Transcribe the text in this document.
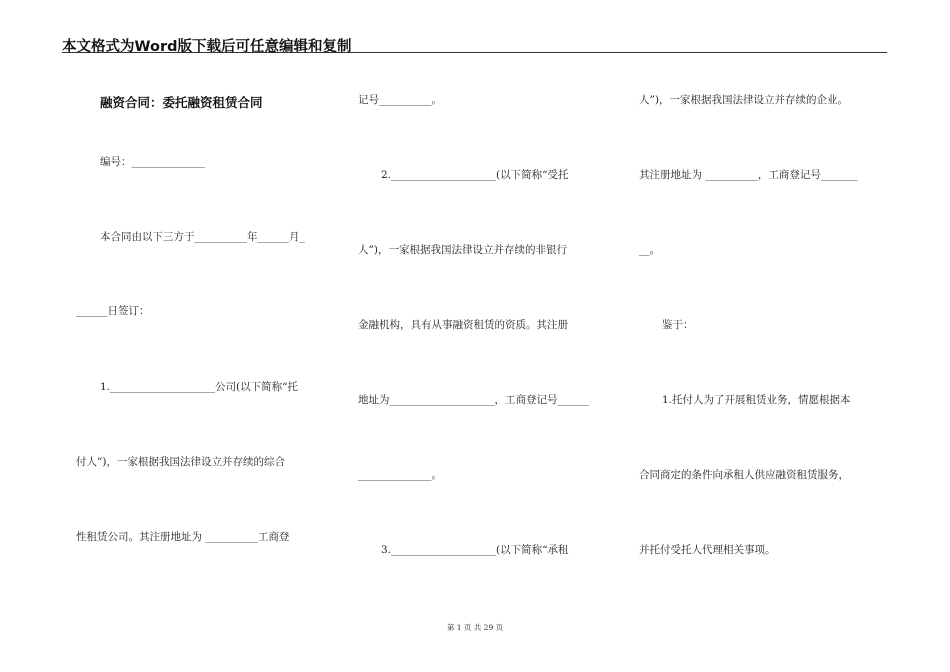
本文格式为Word版下载后可任意编辑和复制
融资合同：委托融资租赁合同
编号：______________
本合同由以下三方于__________年______月_
______日签订：
1.____________________公司(以下简称“托
付人”)，一家根据我国法律设立并存续的综合
性租赁公司。其注册地址为 __________工商登
记号__________。
2.____________________(以下简称“受托
人”)，一家根据我国法律设立并存续的非银行
金融机构，具有从事融资租赁的资质。其注册
地址为____________________，工商登记号______
______________。
3.____________________(以下简称“承租
人”)，一家根据我国法律设立并存续的企业。
其注册地址为 __________，工商登记号_______
__。
鉴于：
1.托付人为了开展租赁业务，情愿根据本
合同商定的条件向承租人供应融资租赁服务，
并托付受托人代理相关事项。
第 1 页 共 29 页
